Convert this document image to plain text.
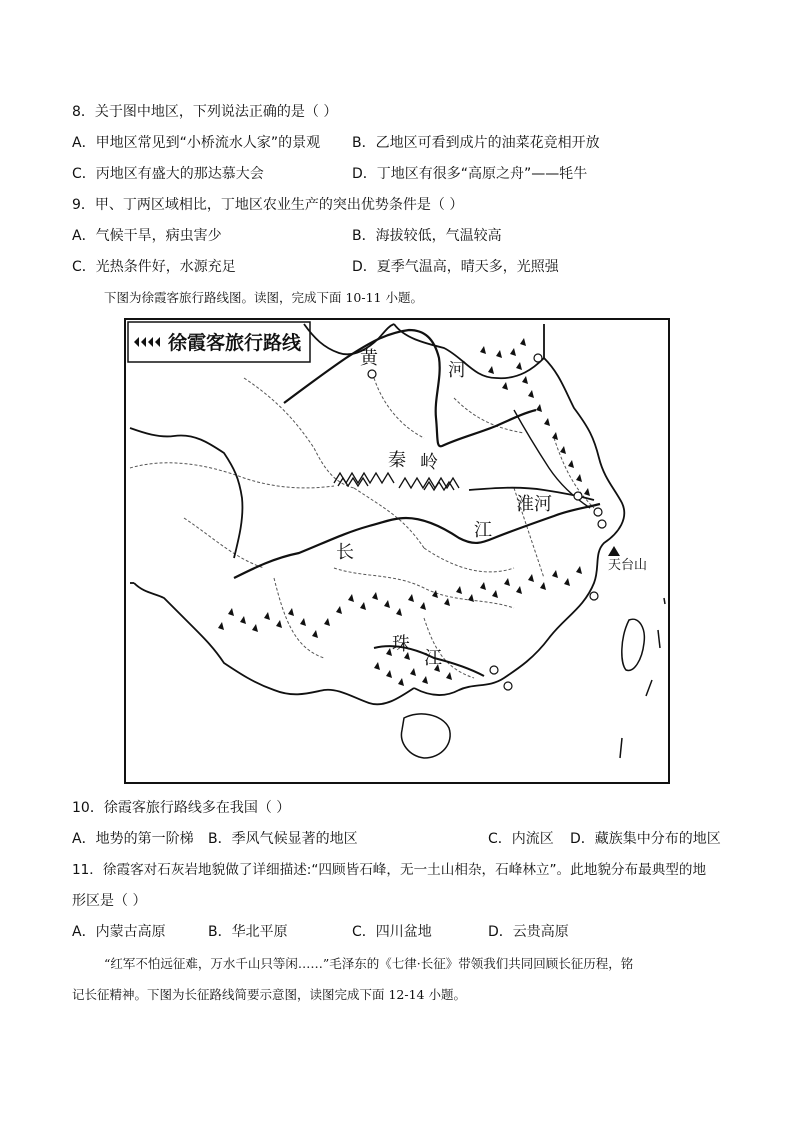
8．关于图中地区，下列说法正确的是（ ）
A．甲地区常见到“小桥流水人家”的景观 B．乙地区可看到成片的油菜花竞相开放
C．丙地区有盛大的那达慕大会	D．丁地区有很多“高原之舟”——牦牛
9．甲、丁两区域相比，丁地区农业生产的突出优势条件是（ ）
A．气候干旱，病虫害少	B．海拔较低，气温较高
C．光热条件好，水源充足	D．夏季气温高，晴天多，光照强
下图为徐霞客旅行路线图。读图，完成下面 10-11 小题。
徐霞客旅行路线
黄
河
秦 岭
淮河
江
长
天台山
珠
江
10．徐霞客旅行路线多在我国（ ）
A．地势的第一阶梯 B．季风气候显著的地区	C．内流区 D．藏族集中分布的地区
11．徐霞客对石灰岩地貌做了详细描述:“四顾皆石峰，无一土山相杂，石峰林立”。此地貌分布最典型的地
形区是（ ）
A．内蒙古高原	B．华北平原	C．四川盆地	D．云贵高原
“红军不怕远征难，万水千山只等闲……”毛泽东的《七律·长征》带领我们共同回顾长征历程，铭
记长征精神。下图为长征路线简要示意图，读图完成下面 12-14 小题。
